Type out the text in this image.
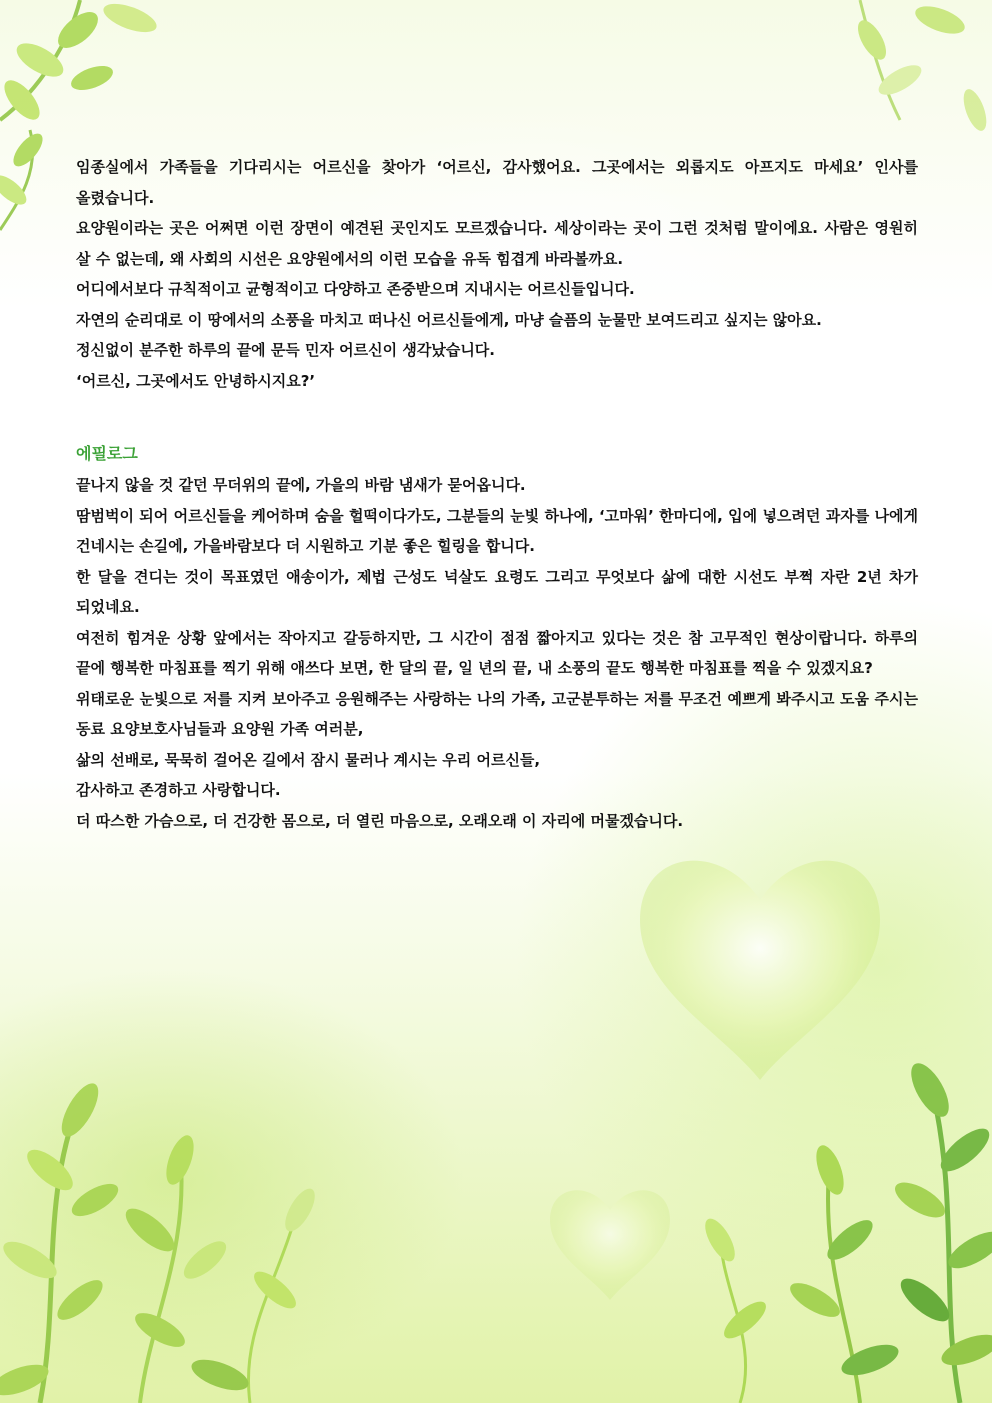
임종실에서 가족들을 기다리시는 어르신을 찾아가 ‘어르신, 감사했어요. 그곳에서는 외롭지도 아프지도 마세요’ 인사를 올렸습니다.

요양원이라는 곳은 어쩌면 이런 장면이 예견된 곳인지도 모르겠습니다. 세상이라는 곳이 그런 것처럼 말이에요. 사람은 영원히 살 수 없는데, 왜 사회의 시선은 요양원에서의 이런 모습을 유독 힘겹게 바라볼까요.

어디에서보다 규칙적이고 균형적이고 다양하고 존중받으며 지내시는 어르신들입니다.

자연의 순리대로 이 땅에서의 소풍을 마치고 떠나신 어르신들에게, 마냥 슬픔의 눈물만 보여드리고 싶지는 않아요.

정신없이 분주한 하루의 끝에 문득 민자 어르신이 생각났습니다.

‘어르신, 그곳에서도 안녕하시지요?’

에필로그

끝나지 않을 것 같던 무더위의 끝에, 가을의 바람 냄새가 묻어옵니다.

땀범벅이 되어 어르신들을 케어하며 숨을 헐떡이다가도, 그분들의 눈빛 하나에, ‘고마워’ 한마디에, 입에 넣으려던 과자를 나에게 건네시는 손길에, 가을바람보다 더 시원하고 기분 좋은 힐링을 합니다.

한 달을 견디는 것이 목표였던 애송이가, 제법 근성도 넉살도 요령도 그리고 무엇보다 삶에 대한 시선도 부쩍 자란 2년 차가 되었네요.

여전히 힘겨운 상황 앞에서는 작아지고 갈등하지만, 그 시간이 점점 짧아지고 있다는 것은 참 고무적인 현상이랍니다. 하루의 끝에 행복한 마침표를 찍기 위해 애쓰다 보면, 한 달의 끝, 일 년의 끝, 내 소풍의 끝도 행복한 마침표를 찍을 수 있겠지요?

위태로운 눈빛으로 저를 지켜 보아주고 응원해주는 사랑하는 나의 가족, 고군분투하는 저를 무조건 예쁘게 봐주시고 도움 주시는 동료 요양보호사님들과 요양원 가족 여러분,

삶의 선배로, 묵묵히 걸어온 길에서 잠시 물러나 계시는 우리 어르신들,

감사하고 존경하고 사랑합니다.

더 따스한 가슴으로, 더 건강한 몸으로, 더 열린 마음으로, 오래오래 이 자리에 머물겠습니다.
